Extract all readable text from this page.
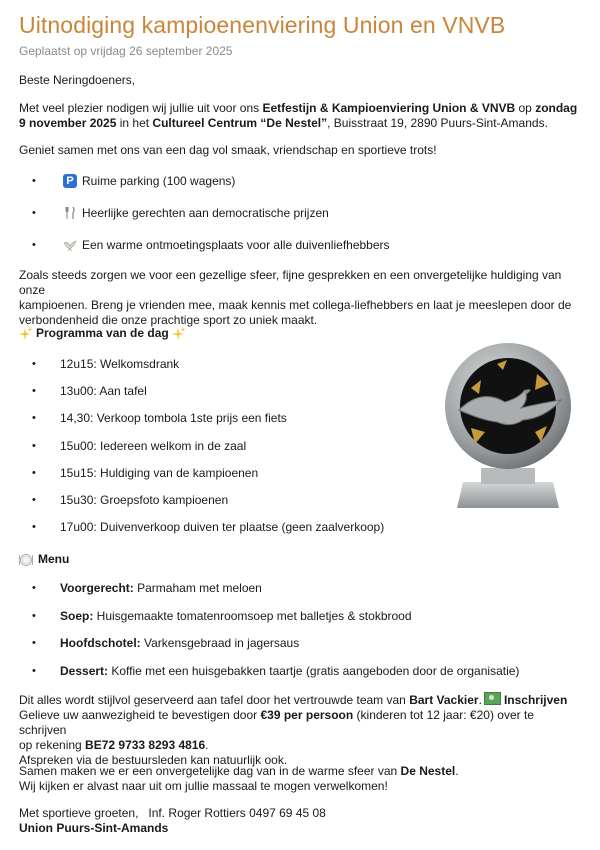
Uitnodiging kampioenenviering Union en VNVB
Geplaatst op vrijdag 26 september 2025

Beste Neringdoeners,

Met veel plezier nodigen wij jullie uit voor ons Eetfestijn & Kampioenviering Union & VNVB op zondag 9 november 2025 in het Cultureel Centrum “De Nestel”, Buisstraat 19, 2890 Puurs-Sint-Amands.

Geniet samen met ons van een dag vol smaak, vriendschap en sportieve trots!

•
P Ruime parking (100 wagens)
•
Heerlijke gerechten aan democratische prijzen
•
Een warme ontmoetingsplaats voor alle duivenliefhebbers
Zoals steeds zorgen we voor een gezellige sfeer, fijne gesprekken en een onvergetelijke huldiging van onze
kampioenen. Breng je vrienden mee, maak kennis met collega-liefhebbers en laat je meeslepen door de
verbondenheid die onze prachtige sport zo uniek maakt.
Programma van de dag
•
12u15: Welkomsdrank
•
13u00: Aan tafel
•
14,30: Verkoop tombola 1ste prijs een fiets
•
15u00: Iedereen welkom in de zaal
•
15u15: Huldiging van de kampioenen
•
15u30: Groepsfoto kampioenen
•
17u00: Duivenverkoop duiven ter plaatse (geen zaalverkoop)
Menu
•
Voorgerecht: Parmaham met meloen
•
Soep: Huisgemaakte tomatenroomsoep met balletjes & stokbrood
•
Hoofdschotel: Varkensgebraad in jagersaus
•
Dessert: Koffie met een huisgebakken taartje (gratis aangeboden door de organisatie)
Dit alles wordt stijlvol geserveerd aan tafel door het vertrouwde team van Bart Vackier. Inschrijven
Gelieve uw aanwezigheid te bevestigen door €39 per persoon (kinderen tot 12 jaar: €20) over te schrijven
op rekening BE72 9733 8293 4816.
Afspreken via de bestuursleden kan natuurlijk ook.
Samen maken we er een onvergetelijke dag van in de warme sfeer van De Nestel.
Wij kijken er alvast naar uit om jullie massaal te mogen verwelkomen!
Met sportieve groeten,   Inf. Roger Rottiers 0497 69 45 08
Union Puurs-Sint-Amands
